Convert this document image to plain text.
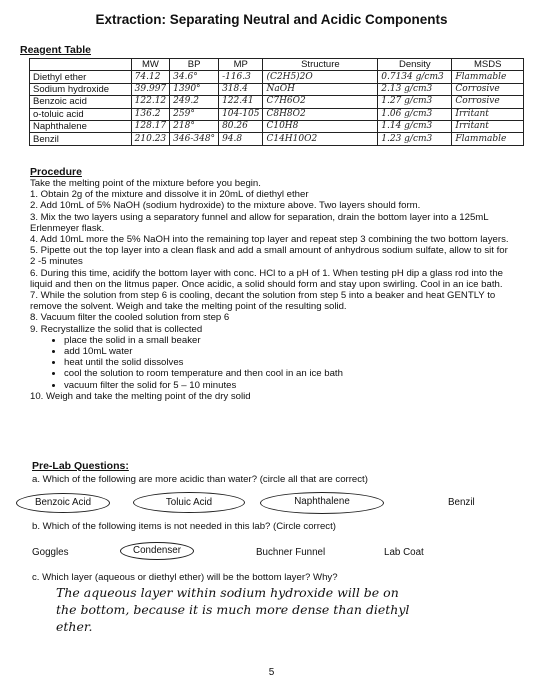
Extraction: Separating Neutral and Acidic Components
Reagent Table
	MW	BP	MP	Structure	Density	MSDS
Diethyl ether	74.12	34.6°	-116.3	(C2H5)2O	0.7134 g/cm3	Flammable
Sodium hydroxide	39.997	1390°	318.4	NaOH	2.13 g/cm3	Corrosive
Benzoic acid	122.12	249.2	122.41	C7H6O2	1.27 g/cm3	Corrosive
o-toluic acid	136.2	259°	104-105	C8H8O2	1.06 g/cm3	Irritant
Naphthalene	128.17	218°	80.26	C10H8	1.14 g/cm3	Irritant
Benzil	210.23	346-348°	94.8	C14H10O2	1.23 g/cm3	Flammable
Procedure

Take the melting point of the mixture before you begin.

1. Obtain 2g of the mixture and dissolve it in 20mL of diethyl ether

2. Add 10mL of 5% NaOH (sodium hydroxide) to the mixture above. Two layers should form.

3. Mix the two layers using a separatory funnel and allow for separation, drain the bottom layer into a 125mL Erlenmeyer flask.

4. Add 10mL more the 5% NaOH into the remaining top layer and repeat step 3 combining the two bottom layers.

5. Pipette out the top layer into a clean flask and add a small amount of anhydrous sodium sulfate, allow to sit for 2 -5 minutes

6. During this time, acidify the bottom layer with conc. HCl to a pH of 1. When testing pH dip a glass rod into the liquid and then on the litmus paper. Once acidic, a solid should form and stay upon swirling. Cool in an ice bath.

7. While the solution from step 6 is cooling, decant the solution from step 5 into a beaker and heat GENTLY to remove the solvent. Weigh and take the melting point of the resulting solid.

8. Vacuum filter the cooled solution from step 6

9. Recrystallize the solid that is collected

• place the solid in a small beaker
• add 10mL water
• heat until the solid dissolves
• cool the solution to room temperature and then cool in an ice bath
• vacuum filter the solid for 5 – 10 minutes

10. Weigh and take the melting point of the dry solid

Pre-Lab Questions:
a. Which of the following are more acidic than water? (circle all that are correct)
Benzoic Acid	Toluic Acid	Naphthalene	Benzil
b. Which of the following items is not needed in this lab? (Circle correct)
Goggles	Condenser	Buchner Funnel	Lab Coat
c. Which layer (aqueous or diethyl ether) will be the bottom layer? Why?
The aqueous layer within sodium hydroxide will be on
the bottom, because it is much more dense than diethyl
ether.
5
